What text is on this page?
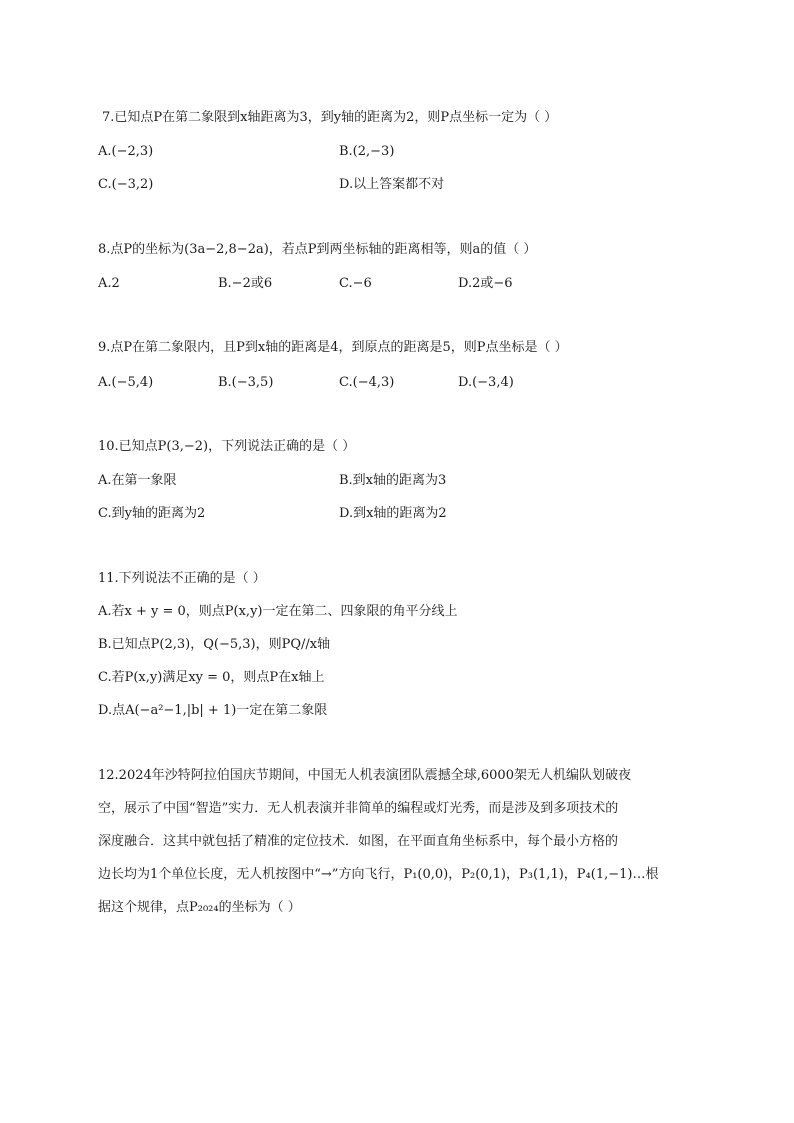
7.已知点P在第二象限到x轴距离为3，到y轴的距离为2，则P点坐标一定为（ ）
A.(−2,3)	B.(2,−3)
C.(−3,2)	D.以上答案都不对
8.点P的坐标为(3a−2,8−2a)，若点P到两坐标轴的距离相等，则a的值（ ）
A.2	B.−2或6	C.−6	D.2或−6
9.点P在第二象限内，且P到x轴的距离是4，到原点的距离是5，则P点坐标是（ ）
A.(−5,4)	B.(−3,5)	C.(−4,3)	D.(−3,4)
10.已知点P(3,−2)，下列说法正确的是（ ）
A.在第一象限	B.到x轴的距离为3
C.到y轴的距离为2	D.到x轴的距离为2
11.下列说法不正确的是（ ）
A.若x + y = 0，则点P(x,y)一定在第二、四象限的角平分线上
B.已知点P(2,3)，Q(−5,3)，则PQ//x轴
C.若P(x,y)满足xy = 0，则点P在x轴上
D.点A(−a²−1,|b| + 1)一定在第二象限
12.2024年沙特阿拉伯国庆节期间，中国无人机表演团队震撼全球,6000架无人机编队划破夜
空，展示了中国“智造”实力．无人机表演并非简单的编程或灯光秀，而是涉及到多项技术的
深度融合．这其中就包括了精准的定位技术．如图，在平面直角坐标系中，每个最小方格的
边长均为1个单位长度，无人机按图中“→”方向飞行，P₁(0,0)，P₂(0,1)，P₃(1,1)，P₄(1,−1)…根
据这个规律，点P₂₀₂₄的坐标为（ ）
